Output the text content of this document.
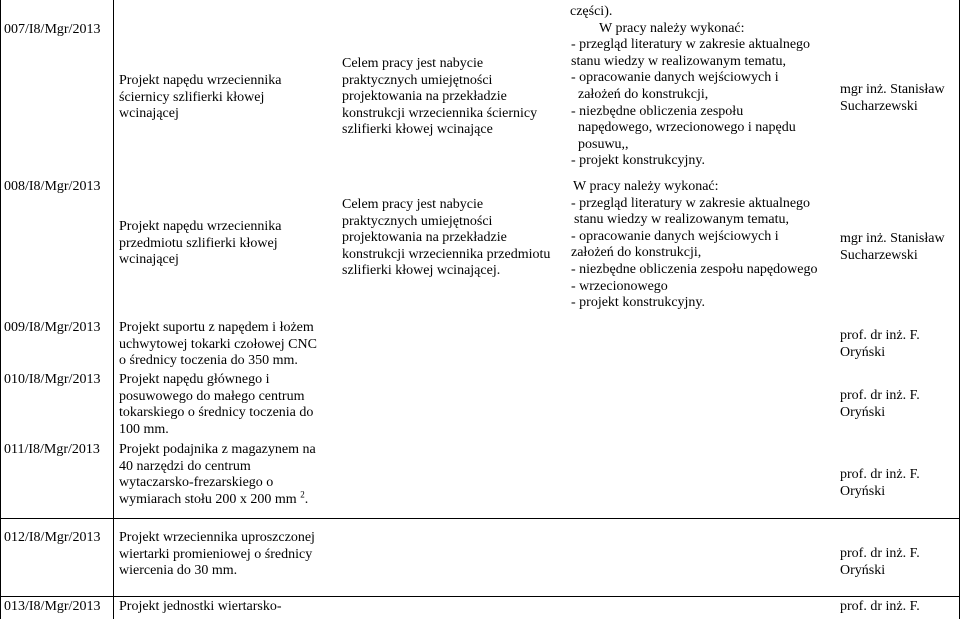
007/I8/Mgr/2013
Projekt napędu wrzeciennika
ściernicy szlifierki kłowej
wcinającej
Celem pracy jest nabycie
praktycznych umiejętności
projektowania na przekładzie
konstrukcji wrzeciennika ściernicy
szlifierki kłowej wcinające
części).
W pracy należy wykonać:
- przegląd literatury w zakresie aktualnego
stanu wiedzy w realizowanym tematu,
- opracowanie danych wejściowych i
założeń do konstrukcji,
- niezbędne obliczenia zespołu
napędowego, wrzecionowego i napędu
posuwu,,
- projekt konstrukcyjny.
mgr inż. Stanisław
Sucharzewski
008/I8/Mgr/2013
Projekt napędu wrzeciennika
przedmiotu szlifierki kłowej
wcinającej
Celem pracy jest nabycie
praktycznych umiejętności
projektowania na przekładzie
konstrukcji wrzeciennika przedmiotu
szlifierki kłowej wcinającej.
W pracy należy wykonać:
- przegląd literatury w zakresie aktualnego
stanu wiedzy w realizowanym tematu,
- opracowanie danych wejściowych i
założeń do konstrukcji,
- niezbędne obliczenia zespołu napędowego
- wrzecionowego
- projekt konstrukcyjny.
mgr inż. Stanisław
Sucharzewski
009/I8/Mgr/2013 Projekt suportu z napędem i łożem
uchwytowej tokarki czołowej CNC
o średnicy toczenia do 350 mm.
prof. dr inż. F.
Oryński
010/I8/Mgr/2013 Projekt napędu głównego i
posuwowego do małego centrum
tokarskiego o średnicy toczenia do
100 mm.
prof. dr inż. F.
Oryński
011/I8/Mgr/2013 Projekt podajnika z magazynem na
40 narzędzi do centrum
wytaczarsko-frezarskiego o
wymiarach stołu 200 x 200 mm $^2$.
prof. dr inż. F.
Oryński
012/I8/Mgr/2013 Projekt wrzeciennika uproszczonej
wiertarki promieniowej o średnicy
wiercenia do 30 mm.
prof. dr inż. F.
Oryński
013/I8/Mgr/2013 Projekt jednostki wiertarsko-	prof. dr inż. F.
